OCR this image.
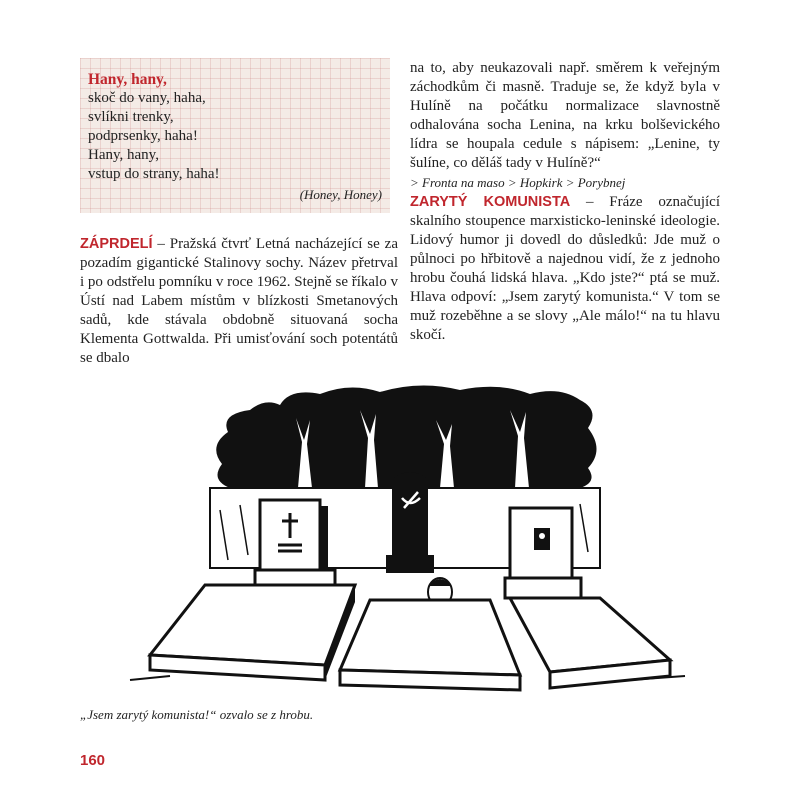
Hany, hany,
skoč do vany, haha,
svlíkni trenky,
podprsenky, haha!
Hany, hany,
vstup do strany, haha!
(Honey, Honey)

ZÁPRDELÍ – Pražská čtvrť Letná nacházející se za pozadím gigantické Stalinovy sochy. Název přetrval i po odstřelu pomníku v roce 1962. Stejně se říkalo v Ústí nad Labem místům v blízkosti Smetanových sadů, kde stávala obdobně situovaná socha Klementa Gottwalda. Při umisťování soch potentátů se dbalo

na to, aby neukazovali např. směrem k veřejným záchodkům či masně. Traduje se, že když byla v Hulíně na počátku normalizace slavnostně odhalována socha Lenina, na krku bolševického lídra se houpala cedule s nápisem: „Lenine, ty šulíne, co děláš tady v Hulíně?“

> Fronta na maso > Hopkirk > Porybnej

ZARYTÝ KOMUNISTA – Fráze označující skalního stoupence marxisticko-leninské ideologie. Lidový humor ji dovedl do důsledků: Jde muž o půlnoci po hřbitově a najednou vidí, že z jednoho hrobu čouhá lidská hlava. „Kdo jste?“ ptá se muž. Hlava odpoví: „Jsem zarytý komunista.“ V tom se muž rozeběhne a se slovy „Ale málo!“ na tu hlavu skočí.

„Jsem zarytý komunista!“ ozvalo se z hrobu.
160
